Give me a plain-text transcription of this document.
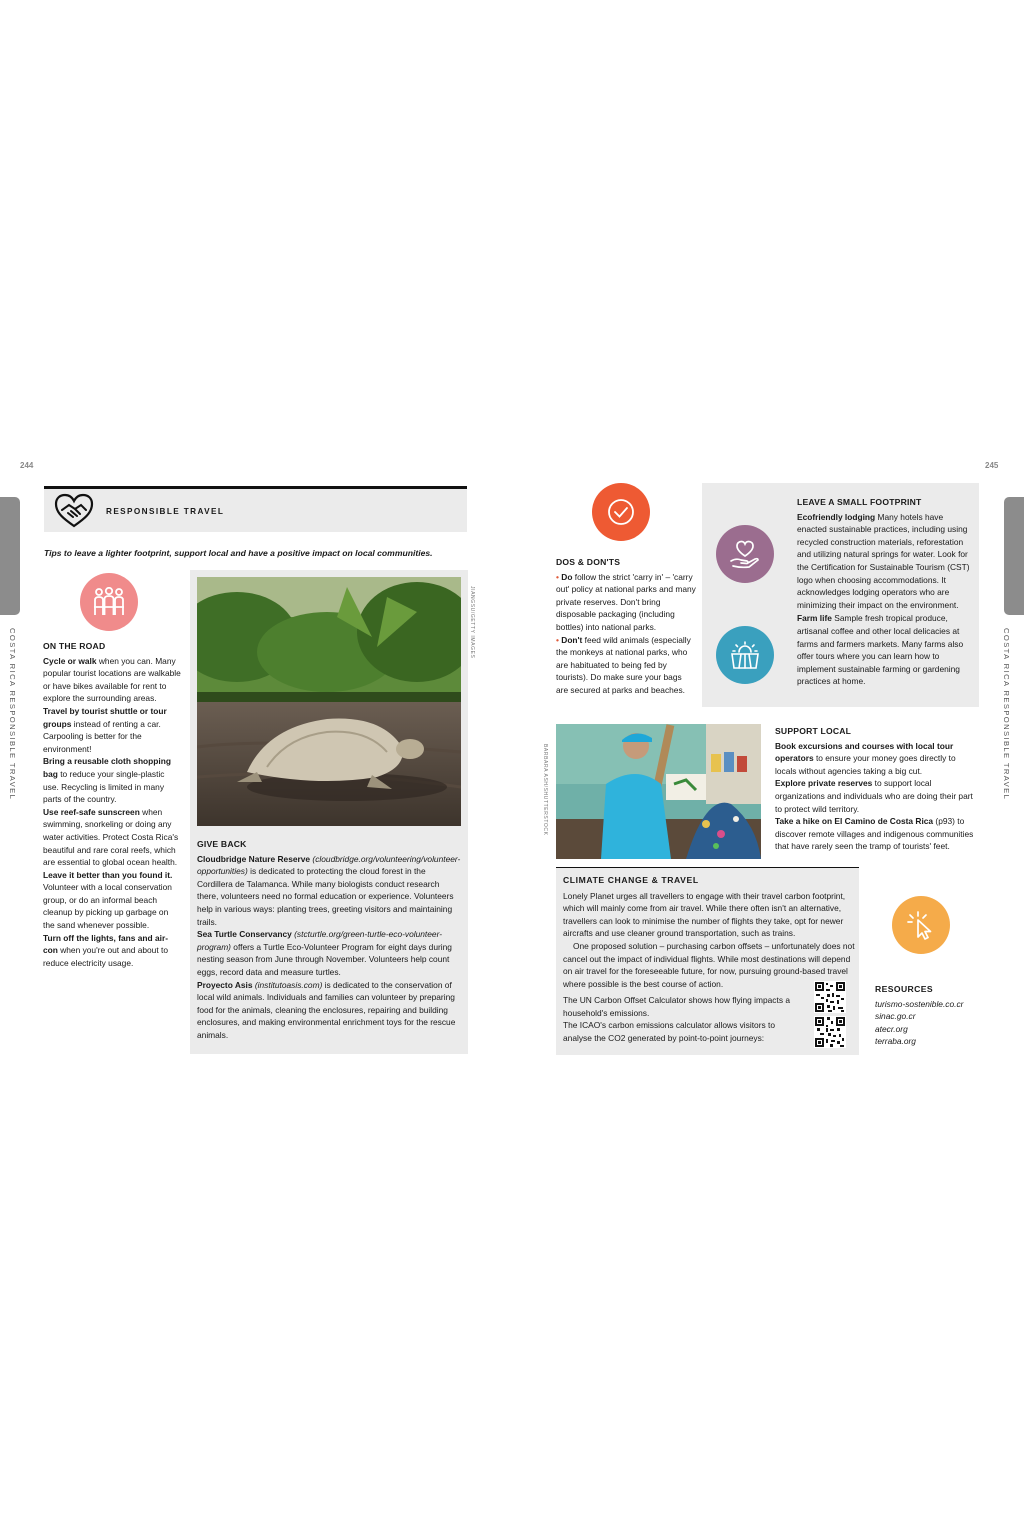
244
COSTA RICA RESPONSIBLE TRAVEL
RESPONSIBLE TRAVEL
Tips to leave a lighter footprint, support local and have a positive impact on local communities.
ON THE ROAD
Cycle or walk when you can. Many popular tourist locations are walkable or have bikes available for rent to explore the surrounding areas.
Travel by tourist shuttle or tour groups instead of renting a car. Carpooling is better for the environment!
Bring a reusable cloth shopping bag to reduce your single-plastic use. Recycling is limited in many parts of the country.
Use reef-safe sunscreen when swimming, snorkeling or doing any water activities. Protect Costa Rica's beautiful and rare coral reefs, which are essential to global ocean health.
Leave it better than you found it. Volunteer with a local conservation group, or do an informal beach cleanup by picking up garbage on the sand whenever possible.
Turn off the lights, fans and air-con when you're out and about to reduce electricity usage.
JIANGSU/GETTY IMAGES
GIVE BACK
Cloudbridge Nature Reserve (cloudbridge.org/volunteering/volunteer-opportunities) is dedicated to protecting the cloud forest in the Cordillera de Talamanca. While many biologists conduct research there, volunteers need no formal education or experience. Volunteers help in various ways: planting trees, greeting visitors and maintaining trails.
Sea Turtle Conservancy (stcturtle.org/green-turtle-eco-volunteer-program) offers a Turtle Eco-Volunteer Program for eight days during nesting season from June through November. Volunteers help count eggs, record data and measure turtles.
Proyecto Asis (institutoasis.com) is dedicated to the conservation of local wild animals. Individuals and families can volunteer by preparing food for the animals, cleaning the enclosures, repairing and building enclosures, and making environmental enrichment toys for the rescue animals.
245
COSTA RICA RESPONSIBLE TRAVEL
DOS & DON'TS
• Do follow the strict 'carry in' – 'carry out' policy at national parks and many private reserves. Don't bring disposable packaging (including bottles) into national parks.
• Don't feed wild animals (especially the monkeys at national parks, who are habituated to being fed by tourists). Do make sure your bags are secured at parks and beaches.
LEAVE A SMALL FOOTPRINT
Ecofriendly lodging Many hotels have enacted sustainable practices, including using recycled construction materials, reforestation and utilizing natural springs for water. Look for the Certification for Sustainable Tourism (CST) logo when choosing accommodations. It acknowledges lodging operators who are minimizing their impact on the environment.
Farm life Sample fresh tropical produce, artisanal coffee and other local delicacies at farms and farmers markets. Many farms also offer tours where you can learn how to implement sustainable farming or gardening practices at home.
BARBARA ASH/SHUTTERSTOCK
SUPPORT LOCAL
Book excursions and courses with local tour operators to ensure your money goes directly to locals without agencies taking a big cut.
Explore private reserves to support local organizations and individuals who are doing their part to protect wild territory.
Take a hike on El Camino de Costa Rica (p93) to discover remote villages and indigenous communities that have rarely seen the tramp of tourists' feet.
CLIMATE CHANGE & TRAVEL
Lonely Planet urges all travellers to engage with their travel carbon footprint, which will mainly come from air travel. While there often isn't an alternative, travellers can look to minimise the number of flights they take, opt for newer aircrafts and use cleaner ground transportation, such as trains.
One proposed solution – purchasing carbon offsets – unfortunately does not cancel out the impact of individual flights. While most destinations will depend on air travel for the foreseeable future, for now, pursuing ground-based travel where possible is the best course of action.
The UN Carbon Offset Calculator shows how flying impacts a household's emissions.
The ICAO's carbon emissions calculator allows visitors to analyse the CO2 generated by point-to-point journeys:
RESOURCES
turismo-sostenible.co.cr
sinac.go.cr
atecr.org
terraba.org
